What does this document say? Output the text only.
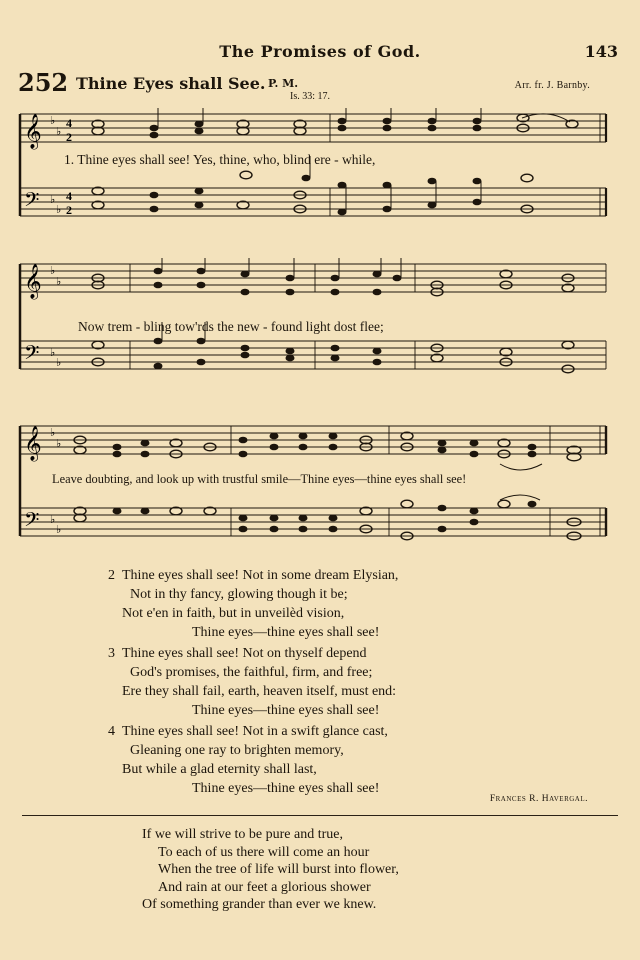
The Promises of God.	143
252 Thine Eyes shall See. P. M.
Is. 33: 17.
Arr. fr. J. Barnby.
𝄞
𝄢
♭
♭
♭
♭
4
2
4
2
1. Thine eyes shall see! Yes, thine, who, blind ere - while,
𝄞
𝄢
♭
♭
♭
♭
Now trem - bling tow'rds the new - found light dost flee;
𝄞
𝄢
♭
♭
♭
♭
Leave doubting, and look up with trustful smile—Thine eyes—thine eyes shall see!
2 Thine eyes shall see! Not in some dream Elysian,
Not in thy fancy, glowing though it be;
Not e'en in faith, but in unveilèd vision,
Thine eyes—thine eyes shall see!
3 Thine eyes shall see! Not on thyself depend
God's promises, the faithful, firm, and free;
Ere they shall fail, earth, heaven itself, must end:
Thine eyes—thine eyes shall see!
4 Thine eyes shall see! Not in a swift glance cast,
Gleaning one ray to brighten memory,
But while a glad eternity shall last,
Thine eyes—thine eyes shall see!
Frances R. Havergal.
If we will strive to be pure and true,
To each of us there will come an hour
When the tree of life will burst into flower,
And rain at our feet a glorious shower
Of something grander than ever we knew.
